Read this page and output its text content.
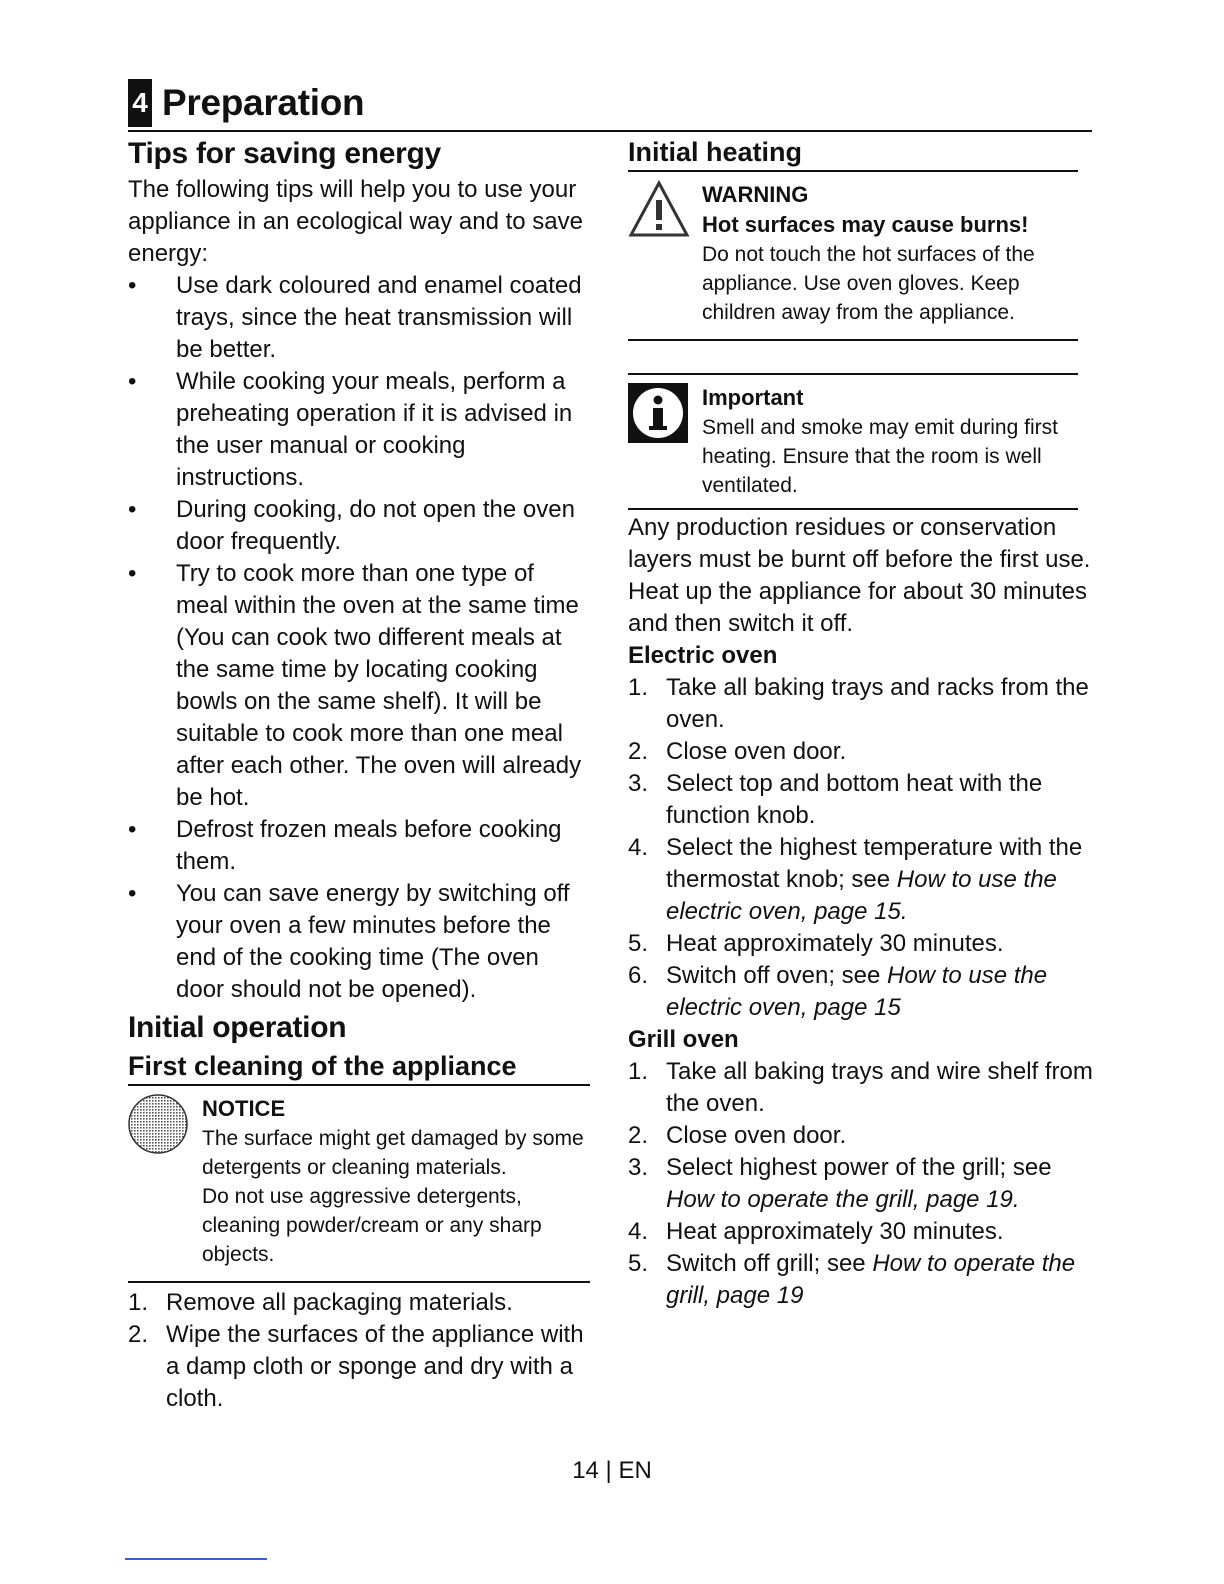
4 Preparation
Tips for saving energy
The following tips will help you to use your appliance in an ecological way and to save energy:
• Use dark coloured and enamel coated trays, since the heat transmission will be better.
• While cooking your meals, perform a preheating operation if it is advised in the user manual or cooking instructions.
• During cooking, do not open the oven door frequently.
• Try to cook more than one type of meal within the oven at the same time (You can cook two different meals at the same time by locating cooking bowls on the same shelf). It will be suitable to cook more than one meal after each other. The oven will already be hot.
• Defrost frozen meals before cooking them.
• You can save energy by switching off your oven a few minutes before the end of the cooking time (The oven door should not be opened).
Initial operation
First cleaning of the appliance
NOTICE
The surface might get damaged by some detergents or cleaning materials.
Do not use aggressive detergents, cleaning powder/cream or any sharp objects.
1. Remove all packaging materials.
2. Wipe the surfaces of the appliance with a damp cloth or sponge and dry with a cloth.
Initial heating
WARNING
Hot surfaces may cause burns!
Do not touch the hot surfaces of the appliance. Use oven gloves. Keep children away from the appliance.
Important
Smell and smoke may emit during first heating. Ensure that the room is well ventilated.
Any production residues or conservation layers must be burnt off before the first use. Heat up the appliance for about 30 minutes and then switch it off.
Electric oven
1. Take all baking trays and racks from the oven.
2. Close oven door.
3. Select top and bottom heat with the function knob.
4. Select the highest temperature with the thermostat knob; see How to use the electric oven, page 15.
5. Heat approximately 30 minutes.
6. Switch off oven; see How to use the electric oven, page 15
Grill oven
1. Take all baking trays and wire shelf from the oven.
2. Close oven door.
3. Select highest power of the grill; see How to operate the grill, page 19.
4. Heat approximately 30 minutes.
5. Switch off grill; see How to operate the grill, page 19
14 | EN
